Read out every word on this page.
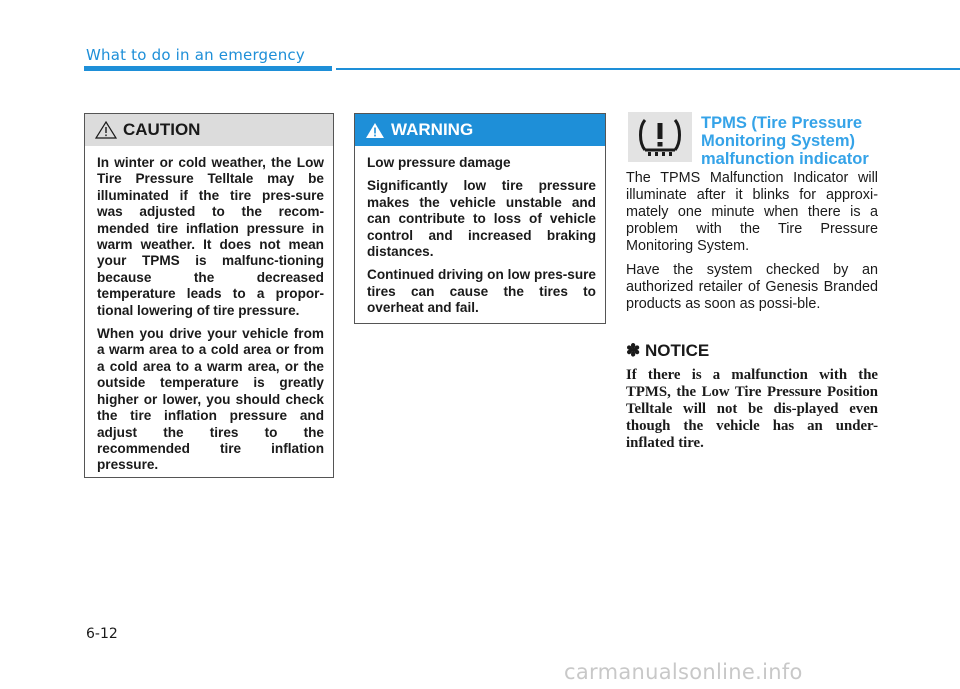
What to do in an emergency
CAUTION

In winter or cold weather, the Low Tire Pressure Telltale may be illuminated if the tire pres-sure was adjusted to the recom-mended tire inflation pressure in warm weather. It does not mean your TPMS is malfunc-tioning because the decreased temperature leads to a propor-tional lowering of tire pressure.

When you drive your vehicle from a warm area to a cold area or from a cold area to a warm area, or the outside temperature is greatly higher or lower, you should check the tire inflation pressure and adjust the tires to the recommended tire inflation pressure.

WARNING

Low pressure damage

Significantly low tire pressure makes the vehicle unstable and can contribute to loss of vehicle control and increased braking distances.

Continued driving on low pres-sure tires can cause the tires to overheat and fail.

TPMS (Tire Pressure Monitoring System) malfunction indicator

The TPMS Malfunction Indicator will illuminate after it blinks for approxi-mately one minute when there is a problem with the Tire Pressure Monitoring System.

Have the system checked by an authorized retailer of Genesis Branded products as soon as possi-ble.

✽ NOTICE
If there is a malfunction with the TPMS, the Low Tire Pressure Position Telltale will not be dis-played even though the vehicle has an under-inflated tire.
6-12
carmanualsonline.info
